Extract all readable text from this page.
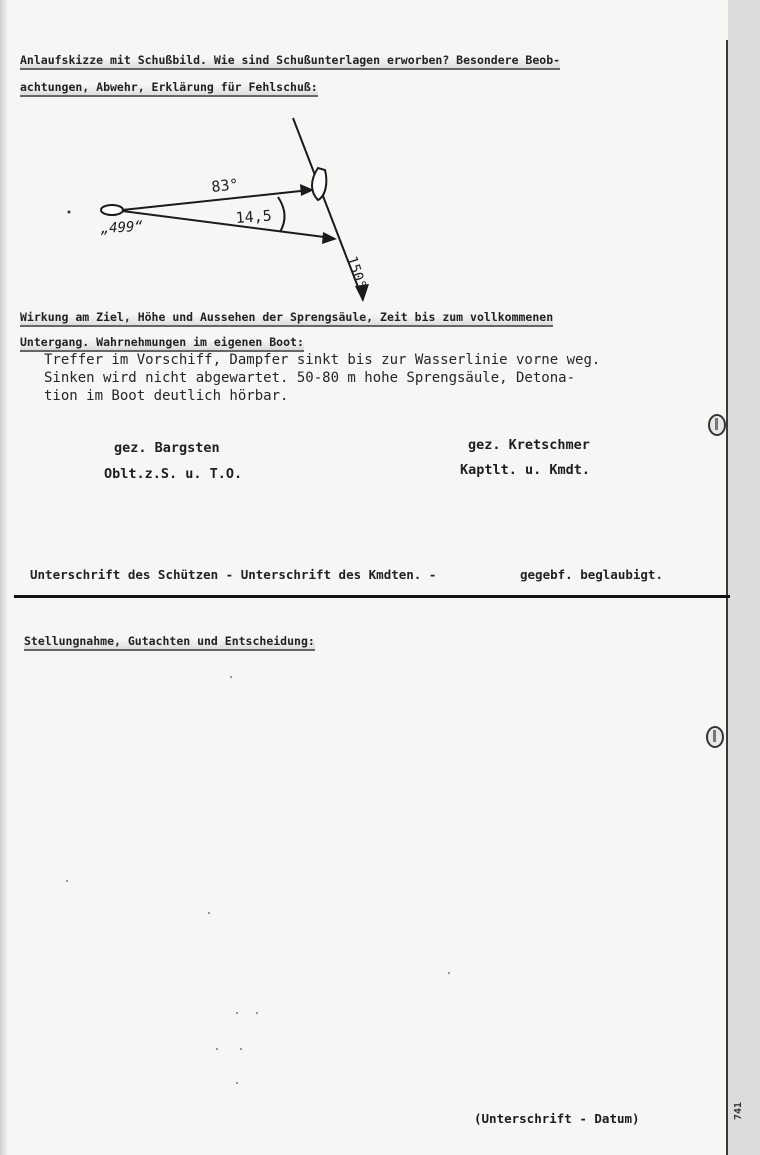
Anlaufskizze mit Schußbild. Wie sind Schußunterlagen erworben? Besondere Beob-
achtungen, Abwehr, Erklärung für Fehlschuß:
83°
14,5
„499“
150°
Wirkung am Ziel, Höhe und Aussehen der Sprengsäule, Zeit bis zum vollkommenen
Untergang. Wahrnehmungen im eigenen Boot:
Treffer im Vorschiff, Dampfer sinkt bis zur Wasserlinie vorne weg.
Sinken wird nicht abgewartet. 50-80 m hohe Sprengsäule, Detona-
tion im Boot deutlich hörbar.
gez. Bargsten
Oblt.z.S. u. T.O.
gez. Kretschmer
Kaptlt. u. Kmdt.
Unterschrift des Schützen - Unterschrift des Kmdten. -	gegebf. beglaubigt.
Stellungnahme, Gutachten und Entscheidung:
(Unterschrift - Datum)	741
